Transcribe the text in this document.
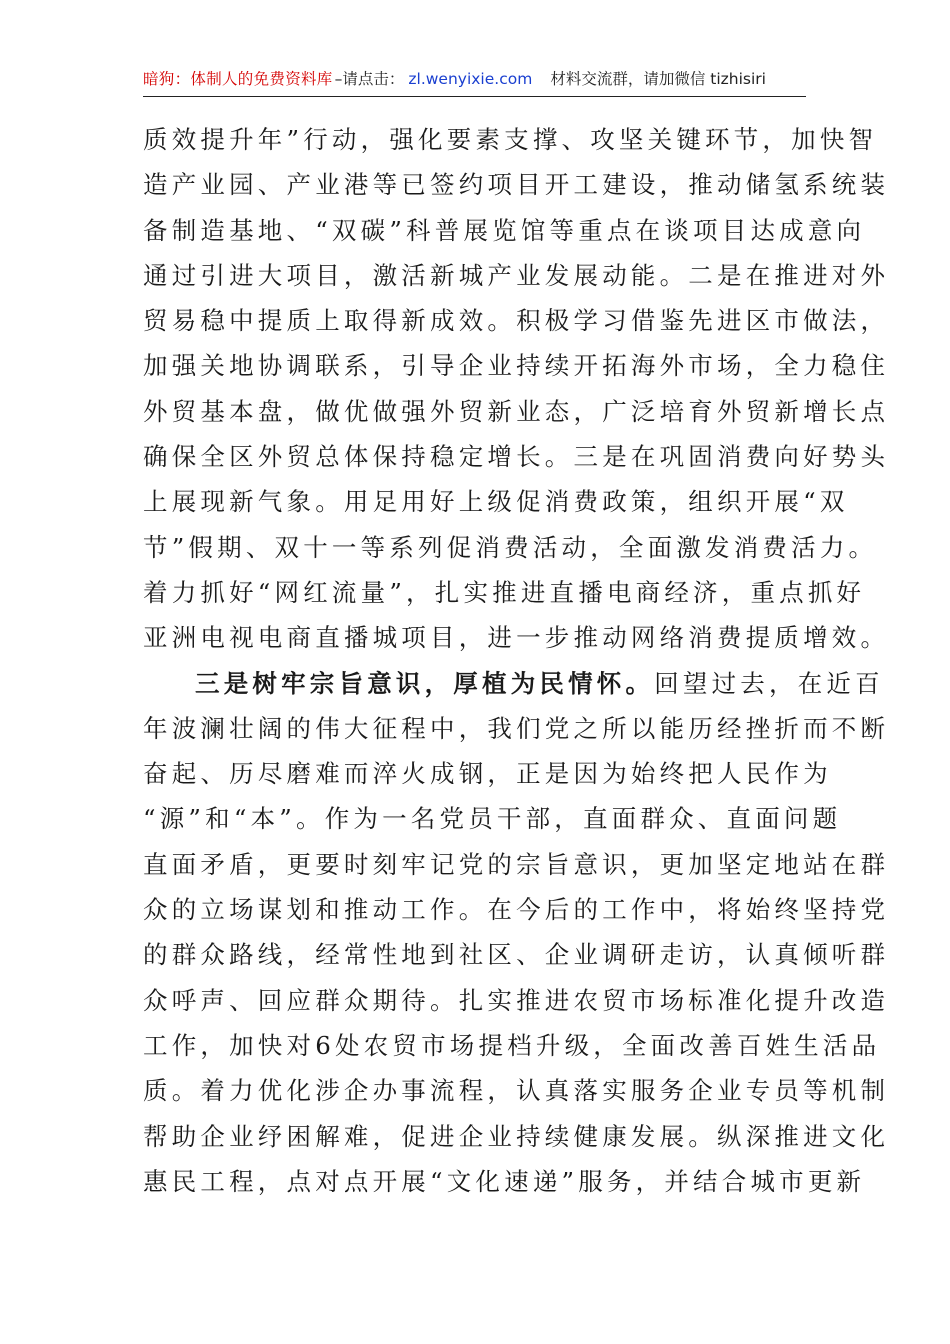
暗狗：体制人的免费资料库 –请点击： zl.wenyixie.com 材料交流群，请加微信 tizhisiri
质效提升年”行动，强化要素支撑、攻坚关键环节，加快智
造产业园、产业港等已签约项目开工建设，推动储氢系统装
备制造基地、“双碳”科普展览馆等重点在谈项目达成意向
通过引进大项目，激活新城产业发展动能。二是在推进对外
贸易稳中提质上取得新成效。积极学习借鉴先进区市做法，
加强关地协调联系，引导企业持续开拓海外市场，全力稳住
外贸基本盘，做优做强外贸新业态，广泛培育外贸新增长点
确保全区外贸总体保持稳定增长。三是在巩固消费向好势头
上展现新气象。用足用好上级促消费政策，组织开展“双
节”假期、双十一等系列促消费活动，全面激发消费活力。
着力抓好“网红流量”，扎实推进直播电商经济，重点抓好
亚洲电视电商直播城项目，进一步推动网络消费提质增效。
三是树牢宗旨意识，厚植为民情怀。回望过去，在近百
年波澜壮阔的伟大征程中，我们党之所以能历经挫折而不断
奋起、历尽磨难而淬火成钢，正是因为始终把人民作为
“源”和“本”。作为一名党员干部，直面群众、直面问题
直面矛盾，更要时刻牢记党的宗旨意识，更加坚定地站在群
众的立场谋划和推动工作。在今后的工作中，将始终坚持党
的群众路线，经常性地到社区、企业调研走访，认真倾听群
众呼声、回应群众期待。扎实推进农贸市场标准化提升改造
工作，加快对6处农贸市场提档升级，全面改善百姓生活品
质。着力优化涉企办事流程，认真落实服务企业专员等机制
帮助企业纾困解难，促进企业持续健康发展。纵深推进文化
惠民工程，点对点开展“文化速递”服务，并结合城市更新
